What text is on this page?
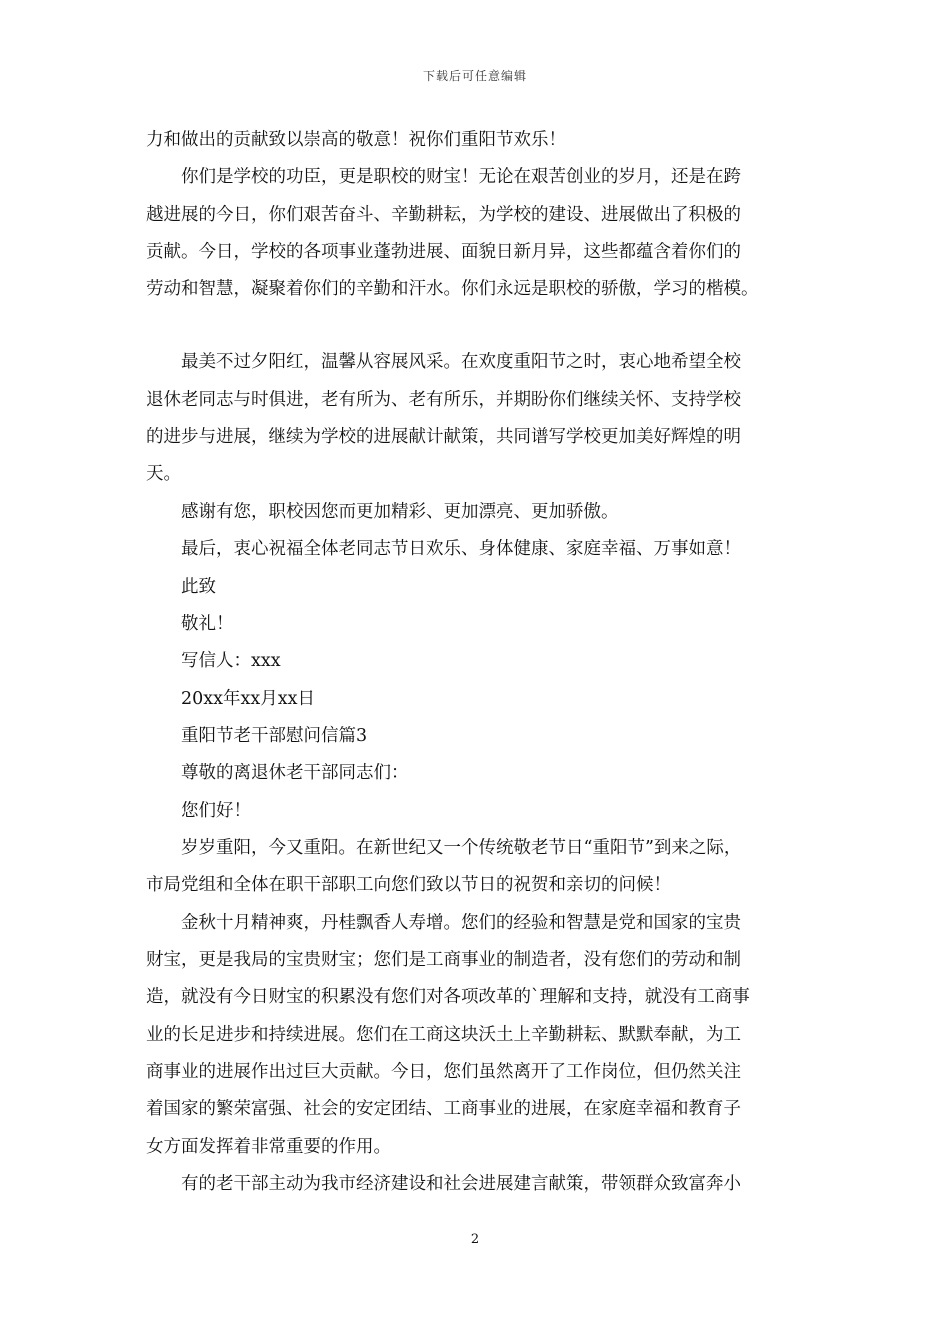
下载后可任意编辑
力和做出的贡献致以崇高的敬意！祝你们重阳节欢乐！
你们是学校的功臣，更是职校的财宝！无论在艰苦创业的岁月，还是在跨
越进展的今日，你们艰苦奋斗、辛勤耕耘，为学校的建设、进展做出了积极的
贡献。今日，学校的各项事业蓬勃进展、面貌日新月异，这些都蕴含着你们的
劳动和智慧，凝聚着你们的辛勤和汗水。你们永远是职校的骄傲，学习的楷模。
最美不过夕阳红，温馨从容展风采。在欢度重阳节之时，衷心地希望全校
退休老同志与时俱进，老有所为、老有所乐，并期盼你们继续关怀、支持学校
的进步与进展，继续为学校的进展献计献策，共同谱写学校更加美好辉煌的明
天。
感谢有您，职校因您而更加精彩、更加漂亮、更加骄傲。
最后，衷心祝福全体老同志节日欢乐、身体健康、家庭幸福、万事如意！
此致
敬礼！
写信人：xxx
20xx年xx月xx日
重阳节老干部慰问信篇3
尊敬的离退休老干部同志们：
您们好！
岁岁重阳，今又重阳。在新世纪又一个传统敬老节日“重阳节”到来之际，
市局党组和全体在职干部职工向您们致以节日的祝贺和亲切的问候！
金秋十月精神爽，丹桂飘香人寿增。您们的经验和智慧是党和国家的宝贵
财宝，更是我局的宝贵财宝；您们是工商事业的制造者，没有您们的劳动和制
造，就没有今日财宝的积累没有您们对各项改革的`理解和支持，就没有工商事
业的长足进步和持续进展。您们在工商这块沃土上辛勤耕耘、默默奉献，为工
商事业的进展作出过巨大贡献。今日，您们虽然离开了工作岗位，但仍然关注
着国家的繁荣富强、社会的安定团结、工商事业的进展，在家庭幸福和教育子
女方面发挥着非常重要的作用。
有的老干部主动为我市经济建设和社会进展建言献策，带领群众致富奔小
2
